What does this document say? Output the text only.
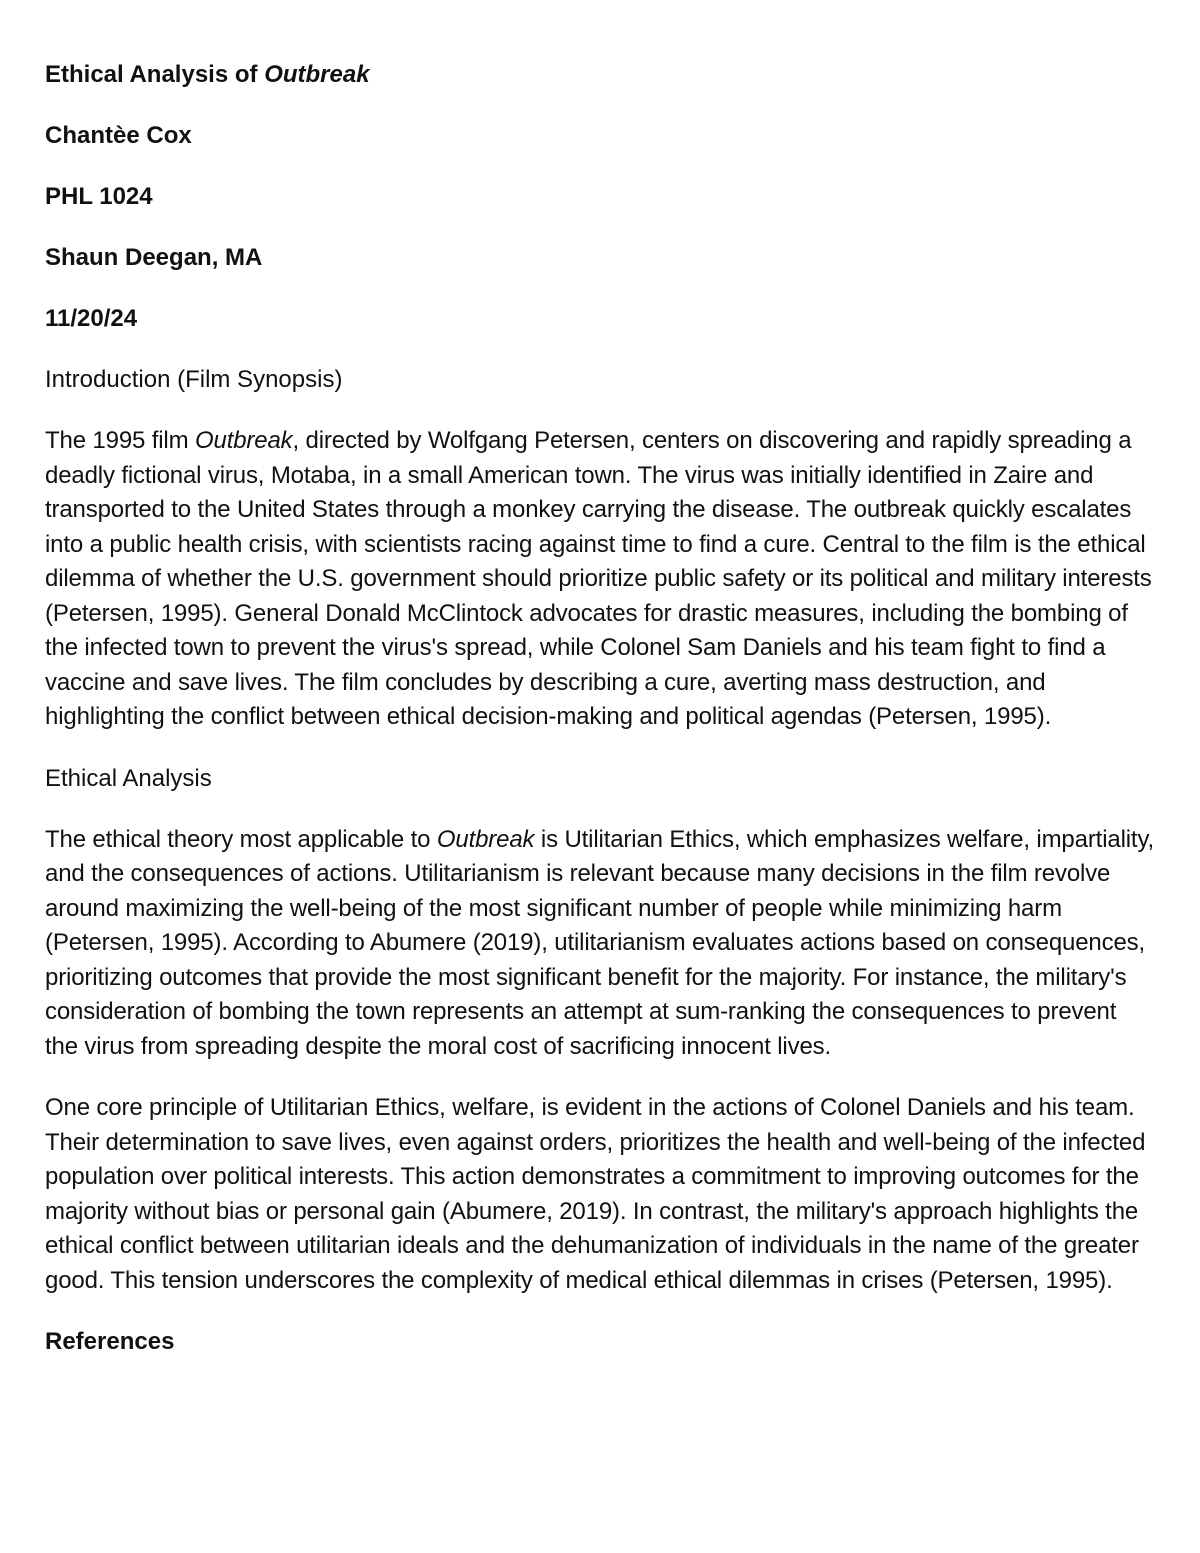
Ethical Analysis of Outbreak
Chantèe Cox
PHL 1024
Shaun Deegan, MA
11/20/24
Introduction (Film Synopsis)

The 1995 film Outbreak, directed by Wolfgang Petersen, centers on discovering and rapidly spreading a deadly fictional virus, Motaba, in a small American town. The virus was initially identified in Zaire and transported to the United States through a monkey carrying the disease. The outbreak quickly escalates into a public health crisis, with scientists racing against time to find a cure. Central to the film is the ethical dilemma of whether the U.S. government should prioritize public safety or its political and military interests (Petersen, 1995). General Donald McClintock advocates for drastic measures, including the bombing of the infected town to prevent the virus's spread, while Colonel Sam Daniels and his team fight to find a vaccine and save lives. The film concludes by describing a cure, averting mass destruction, and highlighting the conflict between ethical decision-making and political agendas (Petersen, 1995).

Ethical Analysis

The ethical theory most applicable to Outbreak is Utilitarian Ethics, which emphasizes welfare, impartiality, and the consequences of actions. Utilitarianism is relevant because many decisions in the film revolve around maximizing the well-being of the most significant number of people while minimizing harm (Petersen, 1995). According to Abumere (2019), utilitarianism evaluates actions based on consequences, prioritizing outcomes that provide the most significant benefit for the majority. For instance, the military's consideration of bombing the town represents an attempt at sum-ranking the consequences to prevent the virus from spreading despite the moral cost of sacrificing innocent lives.

One core principle of Utilitarian Ethics, welfare, is evident in the actions of Colonel Daniels and his team. Their determination to save lives, even against orders, prioritizes the health and well-being of the infected population over political interests. This action demonstrates a commitment to improving outcomes for the majority without bias or personal gain (Abumere, 2019). In contrast, the military's approach highlights the ethical conflict between utilitarian ideals and the dehumanization of individuals in the name of the greater good. This tension underscores the complexity of medical ethical dilemmas in crises (Petersen, 1995).

References
